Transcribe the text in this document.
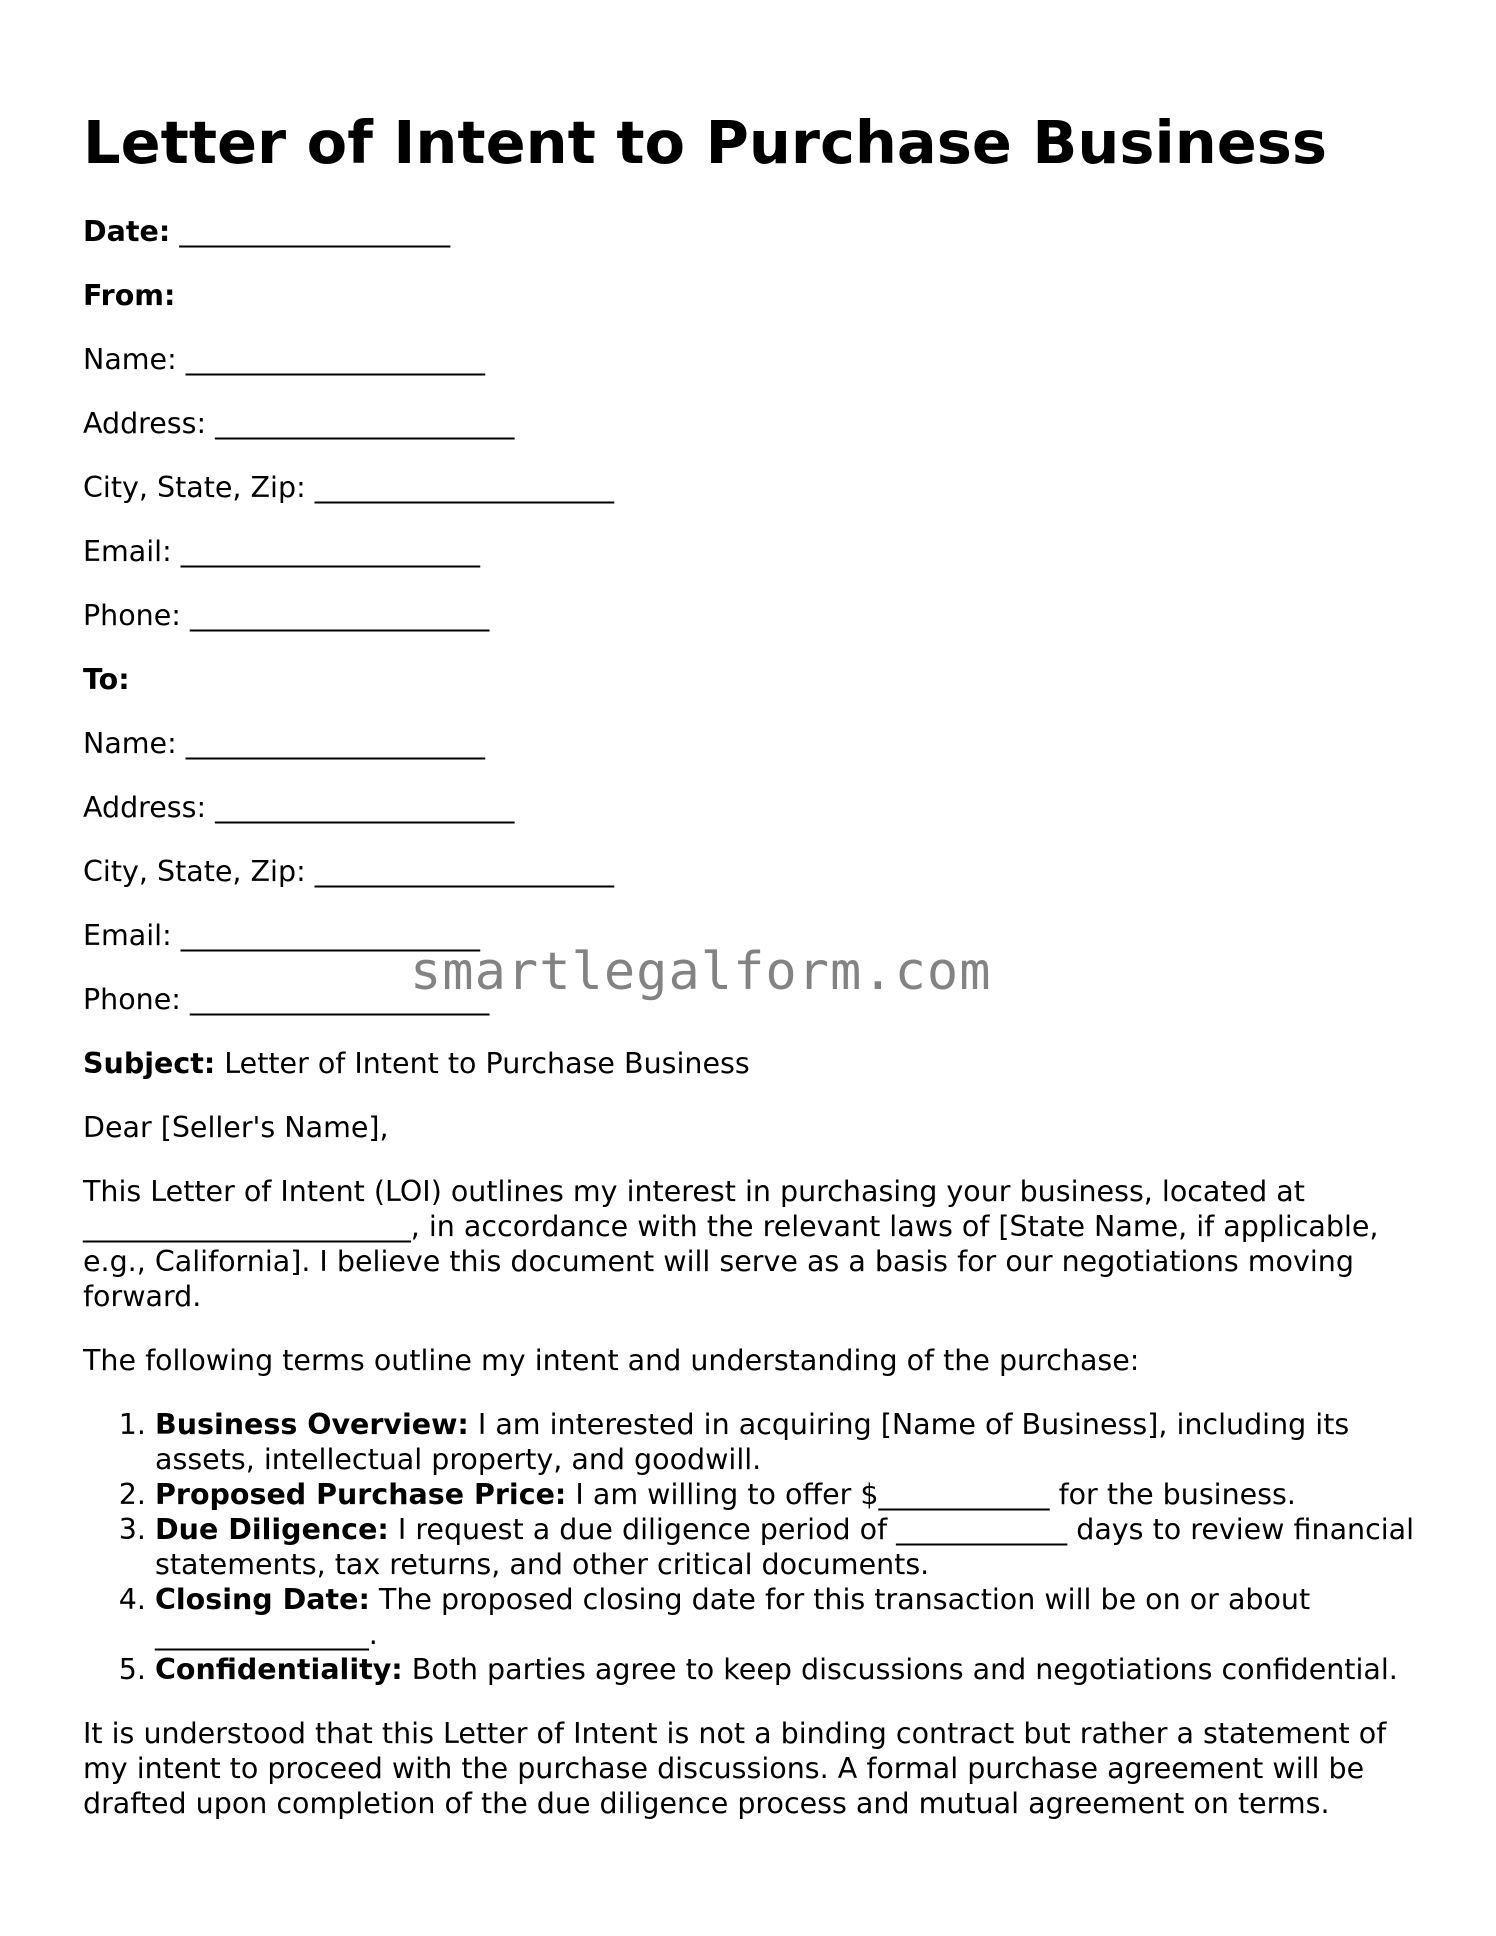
Letter of Intent to Purchase Business
Date: ___________________
From:
Name: _____________________
Address: _____________________
City, State, Zip: _____________________
Email: _____________________
Phone: _____________________
To:
Name: _____________________
Address: _____________________
City, State, Zip: _____________________
Email: _____________________
Phone: _____________________
Subject: Letter of Intent to Purchase Business
Dear [Seller's Name],
This Letter of Intent (LOI) outlines my interest in purchasing your business, located at _______________________, in accordance with the relevant laws of [State Name, if applicable, e.g., California]. I believe this document will serve as a basis for our negotiations moving forward.
The following terms outline my intent and understanding of the purchase:
1. Business Overview: I am interested in acquiring [Name of Business], including its assets, intellectual property, and goodwill.
2. Proposed Purchase Price: I am willing to offer $____________ for the business.
3. Due Diligence: I request a due diligence period of ____________ days to review financial statements, tax returns, and other critical documents.
4. Closing Date: The proposed closing date for this transaction will be on or about _______________.
5. Confidentiality: Both parties agree to keep discussions and negotiations confidential.
It is understood that this Letter of Intent is not a binding contract but rather a statement of my intent to proceed with the purchase discussions. A formal purchase agreement will be drafted upon completion of the due diligence process and mutual agreement on terms.
smartlegalform.com
